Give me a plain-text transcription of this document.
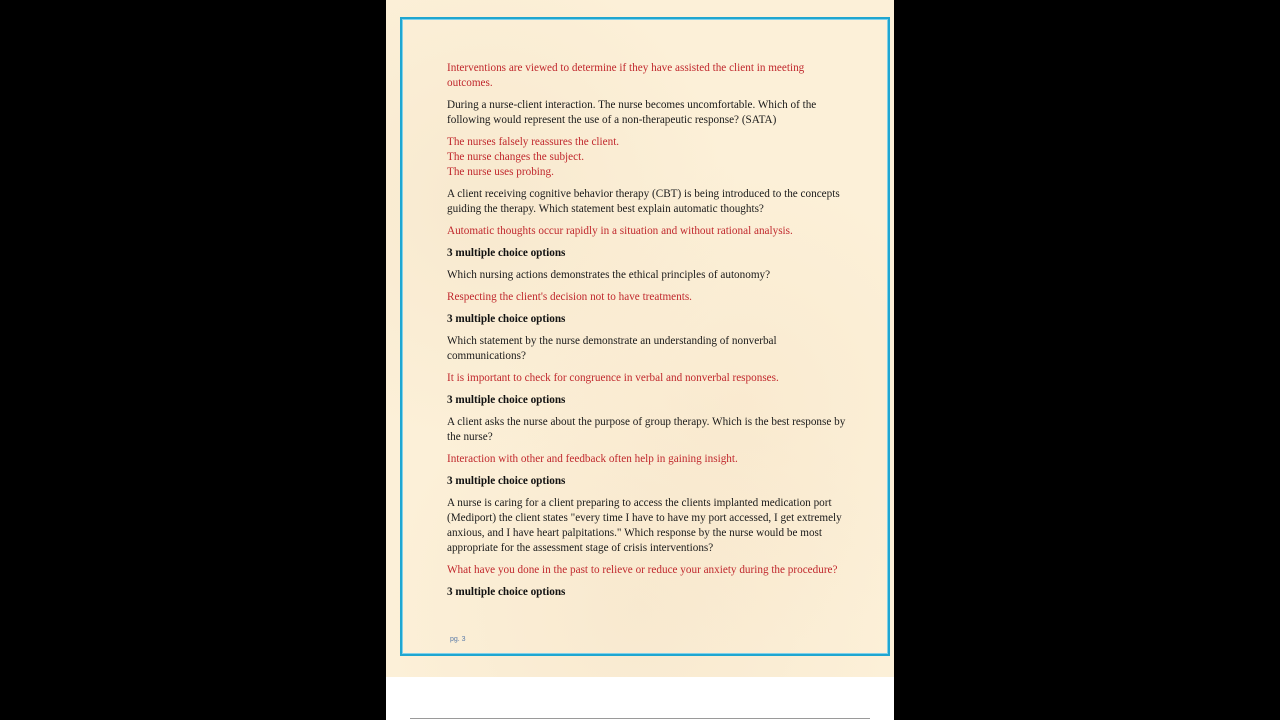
Interventions are viewed to determine if they have assisted the client in meeting outcomes.

During a nurse-client interaction. The nurse becomes uncomfortable. Which of the following would represent the use of a non-therapeutic response? (SATA)

The nurses falsely reassures the client.
The nurse changes the subject.
The nurse uses probing.

A client receiving cognitive behavior therapy (CBT) is being introduced to the concepts guiding the therapy. Which statement best explain automatic thoughts?

Automatic thoughts occur rapidly in a situation and without rational analysis.

3 multiple choice options

Which nursing actions demonstrates the ethical principles of autonomy?

Respecting the client's decision not to have treatments.

3 multiple choice options

Which statement by the nurse demonstrate an understanding of nonverbal communications?

It is important to check for congruence in verbal and nonverbal responses.

3 multiple choice options

A client asks the nurse about the purpose of group therapy. Which is the best response by the nurse?

Interaction with other and feedback often help in gaining insight.

3 multiple choice options

A nurse is caring for a client preparing to access the clients implanted medication port (Mediport) the client states "every time I have to have my port accessed, I get extremely anxious, and I have heart palpitations." Which response by the nurse would be most appropriate for the assessment stage of crisis interventions?

What have you done in the past to relieve or reduce your anxiety during the procedure?

3 multiple choice options

pg. 3
